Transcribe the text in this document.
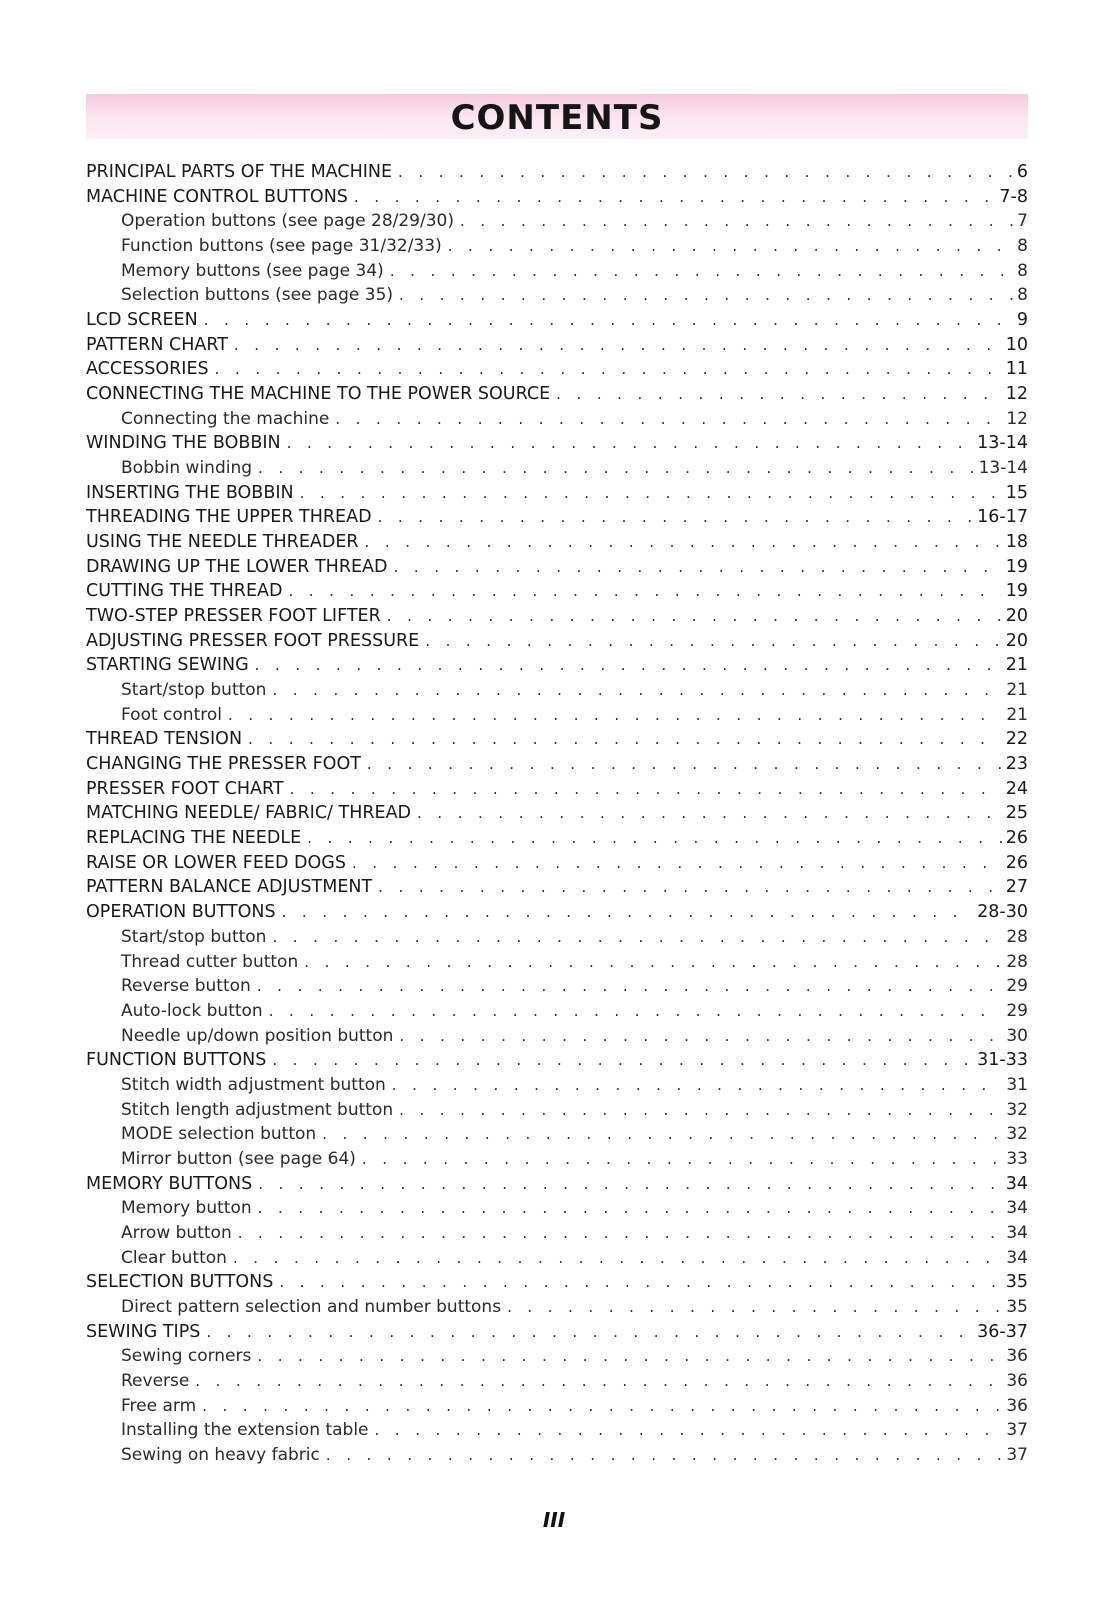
CONTENTS
PRINCIPAL PARTS OF THE MACHINE . . .	6
MACHINE CONTROL BUTTONS . . .	7-8
Operation buttons (see page 28/29/30) . . .	7
Function buttons (see page 31/32/33) . . .	8
Memory buttons (see page 34) . . .	8
Selection buttons (see page 35) . . .	8
LCD SCREEN . . .	9
PATTERN CHART . . .	10
ACCESSORIES . . .	11
CONNECTING THE MACHINE TO THE POWER SOURCE . . .	12
Connecting the machine . . .	12
WINDING THE BOBBIN . . .	13-14
Bobbin winding . . .	13-14
INSERTING THE BOBBIN . . .	15
THREADING THE UPPER THREAD . . .	16-17
USING THE NEEDLE THREADER . . .	18
DRAWING UP THE LOWER THREAD . . .	19
CUTTING THE THREAD . . .	19
TWO-STEP PRESSER FOOT LIFTER . . .	20
ADJUSTING PRESSER FOOT PRESSURE . . .	20
STARTING SEWING . . .	21
Start/stop button . . .	21
Foot control . . .	21
THREAD TENSION . . .	22
CHANGING THE PRESSER FOOT . . .	23
PRESSER FOOT CHART . . .	24
MATCHING NEEDLE/ FABRIC/ THREAD . . .	25
REPLACING THE NEEDLE . . .	26
RAISE OR LOWER FEED DOGS . . .	26
PATTERN BALANCE ADJUSTMENT . . .	27
OPERATION BUTTONS . . .	28-30
Start/stop button . . .	28
Thread cutter button . . .	28
Reverse button . . .	29
Auto-lock button . . .	29
Needle up/down position button . . .	30
FUNCTION BUTTONS . . .	31-33
Stitch width adjustment button . . .	31
Stitch length adjustment button . . .	32
MODE selection button . . .	32
Mirror button (see page 64) . . .	33
MEMORY BUTTONS . . .	34
Memory button . . .	34
Arrow button . . .	34
Clear button . . .	34
SELECTION BUTTONS . . .	35
Direct pattern selection and number buttons . . .	35
SEWING TIPS . . .	36-37
Sewing corners . . .	36
Reverse . . .	36
Free arm . . .	36
Installing the extension table . . .	37
Sewing on heavy fabric . . .	37
III
